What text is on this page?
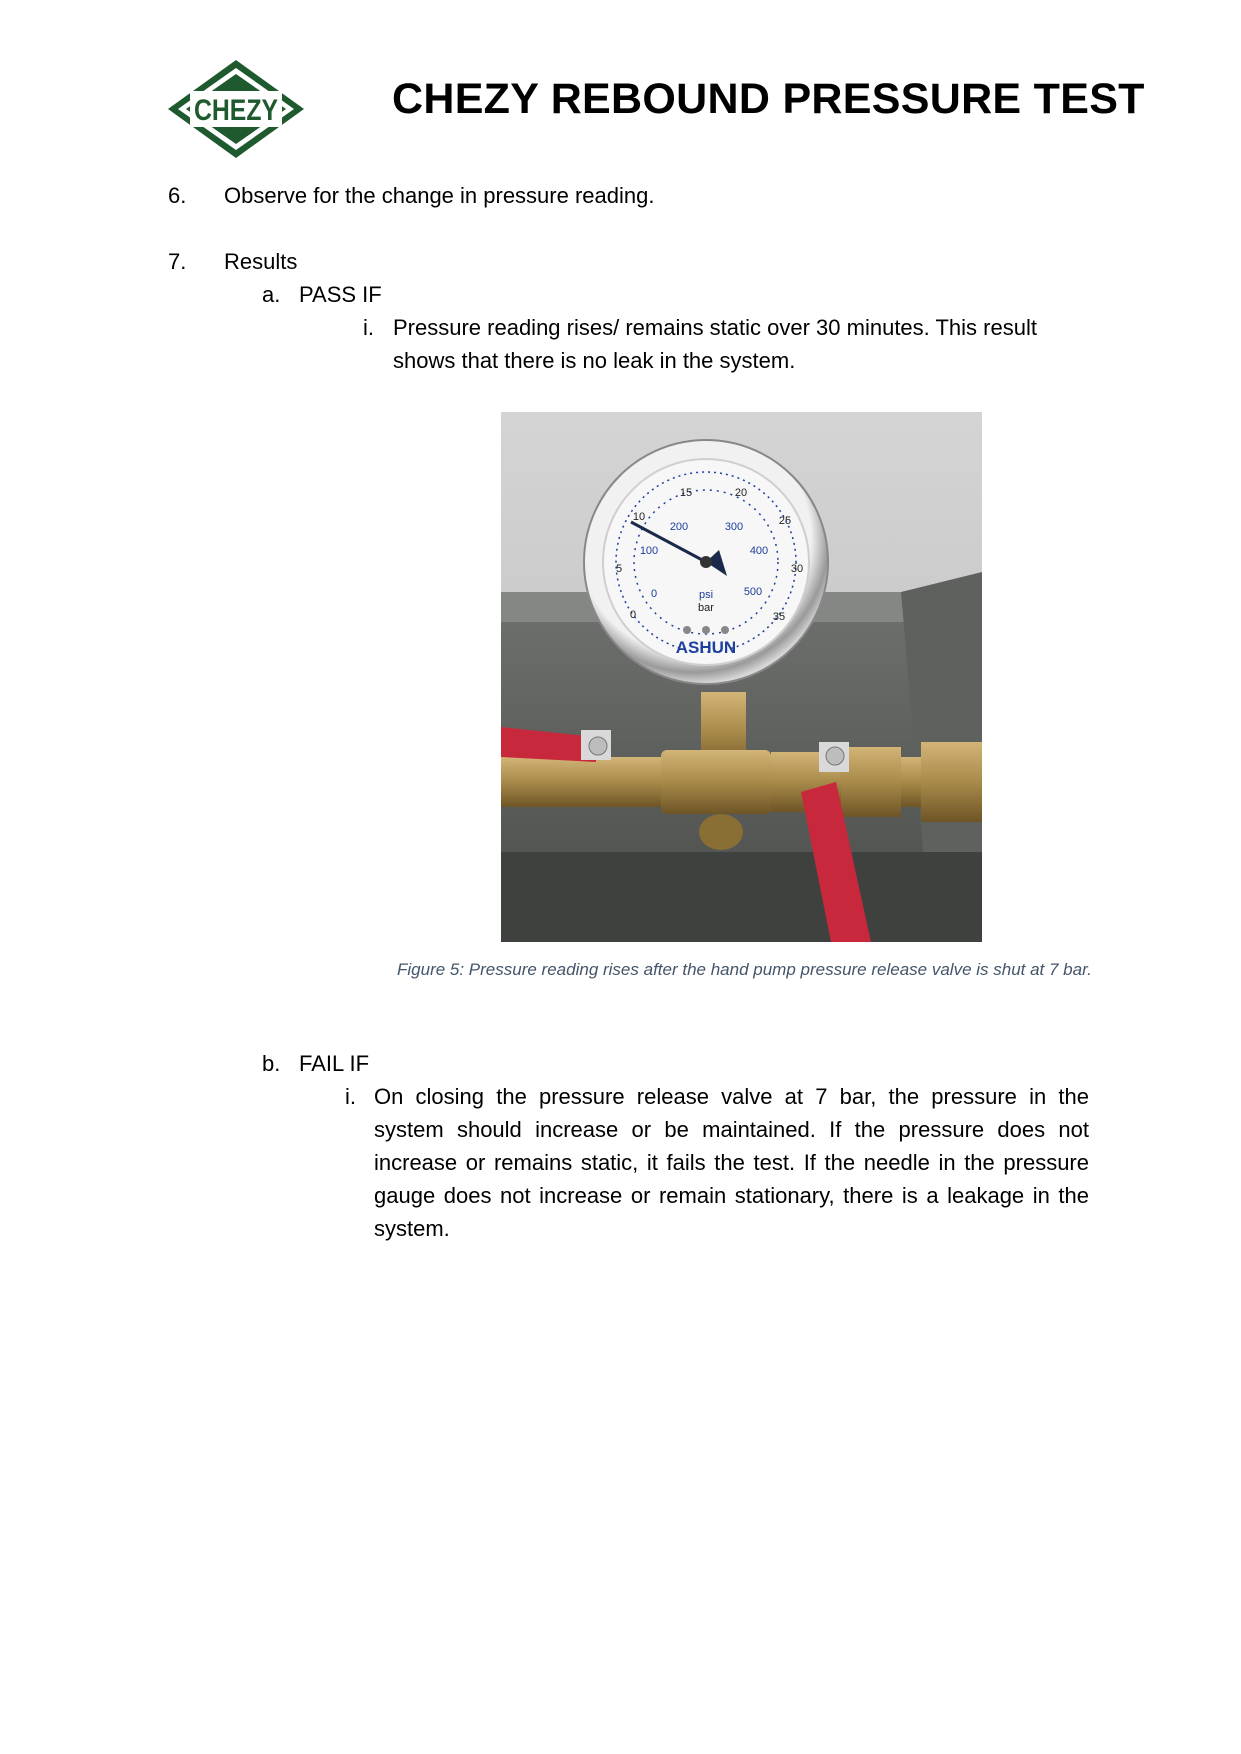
CHEZY	CHEZY REBOUND PRESSURE TEST
6.	Observe for the change in pressure reading.
7.	Results
a. PASS IF
i. Pressure reading rises/ remains static over 30 minutes. This result shows that there is no leak in the system.
0
100
200	300
400
500
psi
0
5
10
15	20
25
30
35
bar
ASHUN
Figure 5: Pressure reading rises after the hand pump pressure release valve is shut at 7 bar.
b. FAIL IF
i. On closing the pressure release valve at 7 bar, the pressure in the system should increase or be maintained. If the pressure does not increase or remains static, it fails the test. If the needle in the pressure gauge does not increase or remain stationary, there is a leakage in the system.
